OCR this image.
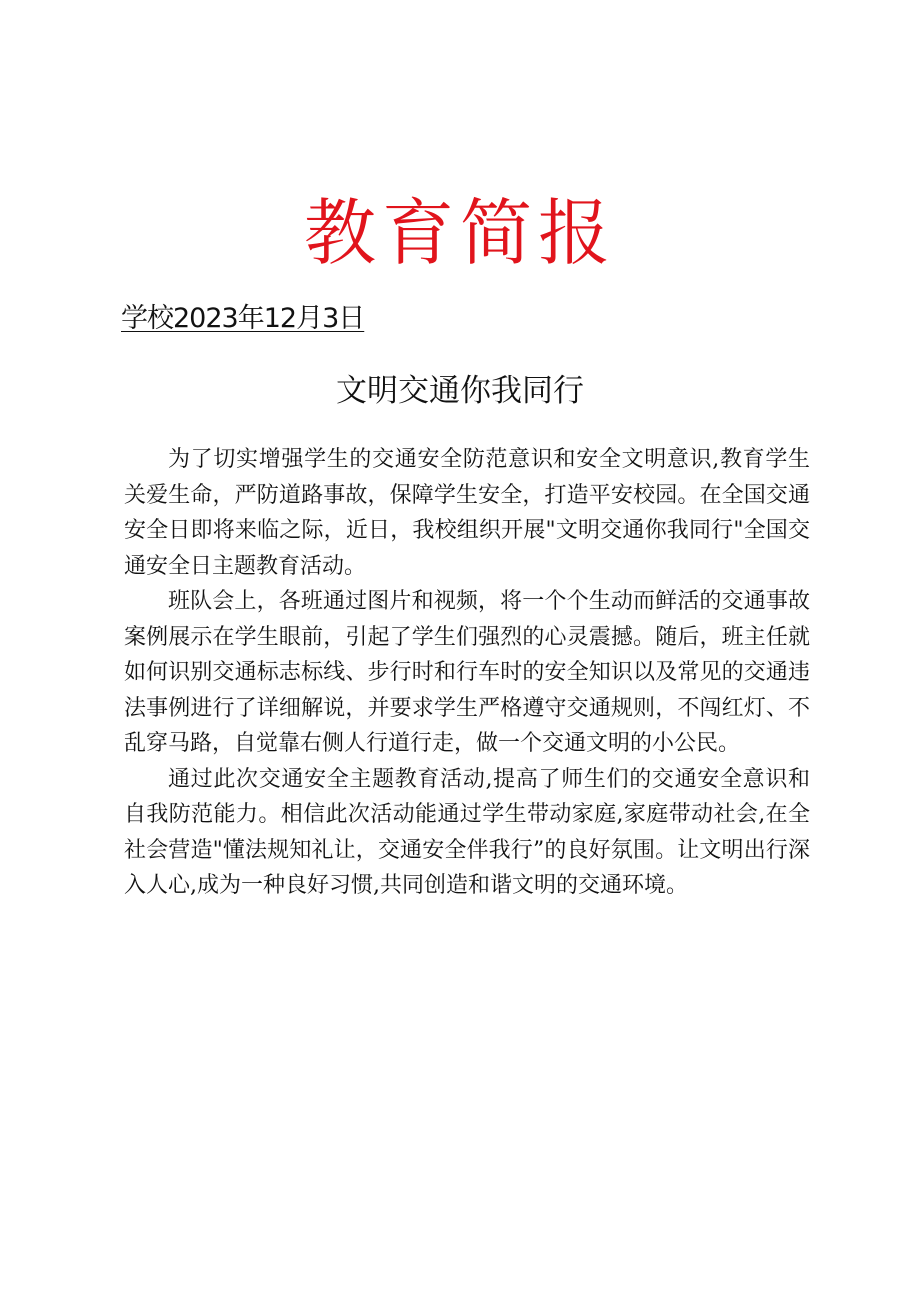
教育简报
学校2023年12月3日
文明交通你我同行

为了切实增强学生的交通安全防范意识和安全文明意识,教育学生关爱生命，严防道路事故，保障学生安全，打造平安校园。在全国交通安全日即将来临之际，近日，我校组织开展"文明交通你我同行"全国交通安全日主题教育活动。

班队会上，各班通过图片和视频，将一个个生动而鲜活的交通事故案例展示在学生眼前，引起了学生们强烈的心灵震撼。随后，班主任就如何识别交通标志标线、步行时和行车时的安全知识以及常见的交通违法事例进行了详细解说，并要求学生严格遵守交通规则，不闯红灯、不乱穿马路，自觉靠右侧人行道行走，做一个交通文明的小公民。

通过此次交通安全主题教育活动,提高了师生们的交通安全意识和自我防范能力。相信此次活动能通过学生带动家庭,家庭带动社会,在全社会营造"懂法规知礼让，交通安全伴我行”的良好氛围。让文明出行深入人心,成为一种良好习惯,共同创造和谐文明的交通环境。
